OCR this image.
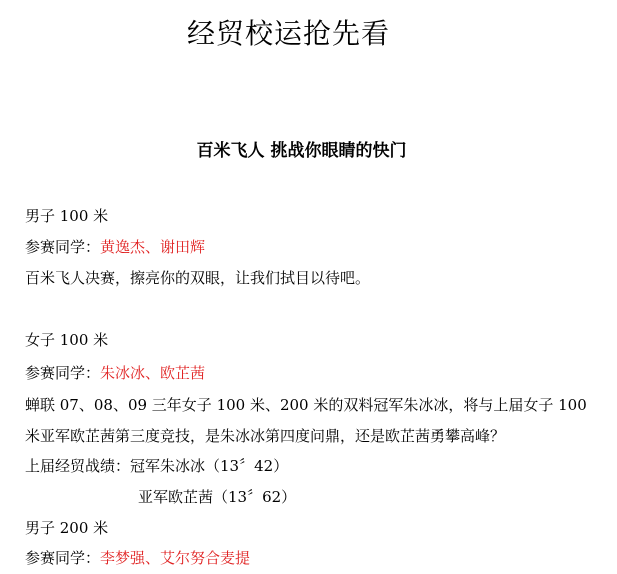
经贸校运抢先看
百米飞人 挑战你眼睛的快门
男子 100 米
参赛同学：黄逸杰、谢田辉
百米飞人决赛，擦亮你的双眼，让我们拭目以待吧。
女子 100 米
参赛同学：朱冰冰、欧芷茜
蝉联 07、08、09 三年女子 100 米、200 米的双料冠军朱冰冰，将与上届女子 100
米亚军欧芷茜第三度竞技，是朱冰冰第四度问鼎，还是欧芷茜勇攀高峰？
上届经贸战绩：冠军朱冰冰（13〞42）
亚军欧芷茜（13〞62）
男子 200 米
参赛同学：李梦强、艾尔努合麦提
